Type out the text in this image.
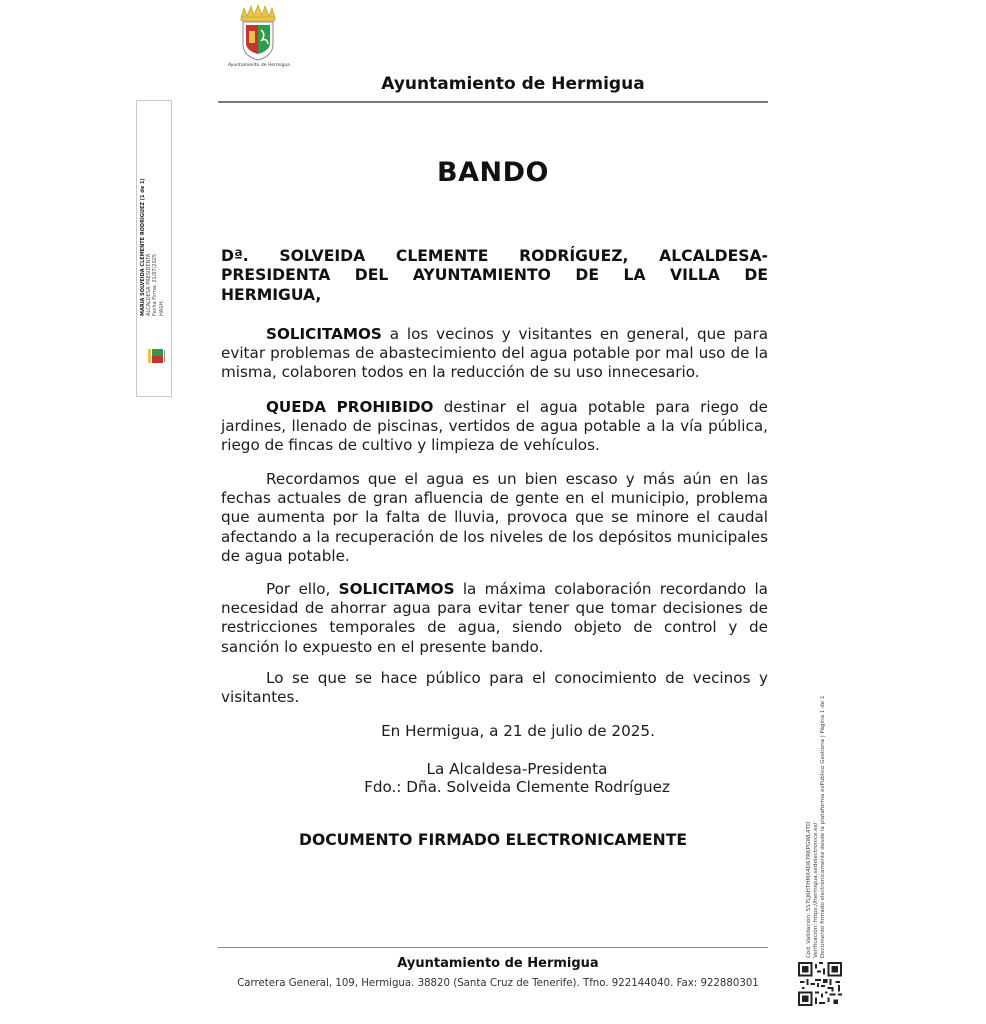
Ayuntamiento de Hermigua
Ayuntamiento de Hermigua
MARIA SOLVEIDA CLEMENTE RODRIGUEZ (1 de 1) ALCALDESA PRESIDENTA Fecha Firma: 21/07/2025 HASH:
BANDO
Dª. SOLVEIDA CLEMENTE RODRÍGUEZ, ALCALDESA-PRESIDENTA DEL AYUNTAMIENTO DE LA VILLA DE HERMIGUA,

SOLICITAMOS a los vecinos y visitantes en general, que para evitar problemas de abastecimiento del agua potable por mal uso de la misma, colaboren todos en la reducción de su uso innecesario.

QUEDA PROHIBIDO destinar el agua potable para riego de jardines, llenado de piscinas, vertidos de agua potable a la vía pública, riego de fincas de cultivo y limpieza de vehículos.

Recordamos que el agua es un bien escaso y más aún en las fechas actuales de gran afluencia de gente en el municipio, problema que aumenta por la falta de lluvia, provoca que se minore el caudal afectando a la recuperación de los niveles de los depósitos municipales de agua potable.

Por ello, SOLICITAMOS la máxima colaboración recordando la necesidad de ahorrar agua para evitar tener que tomar decisiones de restricciones temporales de agua, siendo objeto de control y de sanción lo expuesto en el presente bando.

Lo se que se hace público para el conocimiento de vecinos y visitantes.

En Hermigua, a 21 de julio de 2025.
La Alcaldesa-Presidenta
Fdo.: Dña. Solveida Clemente Rodríguez
DOCUMENTO FIRMADO ELECTRONICAMENTE
Ayuntamiento de Hermigua
Carretera General, 109, Hermigua. 38820 (Santa Cruz de Tenerife). Tfno. 922144040. Fax: 922880301
Cód. Validación: 5S7LJ6HTHMX4D67RKPGWL4TD Verificación: https://hermigua.sedelectronica.es/ Documento firmado electrónicamente desde la plataforma esPublico Gestiona | Página 1 de 1
